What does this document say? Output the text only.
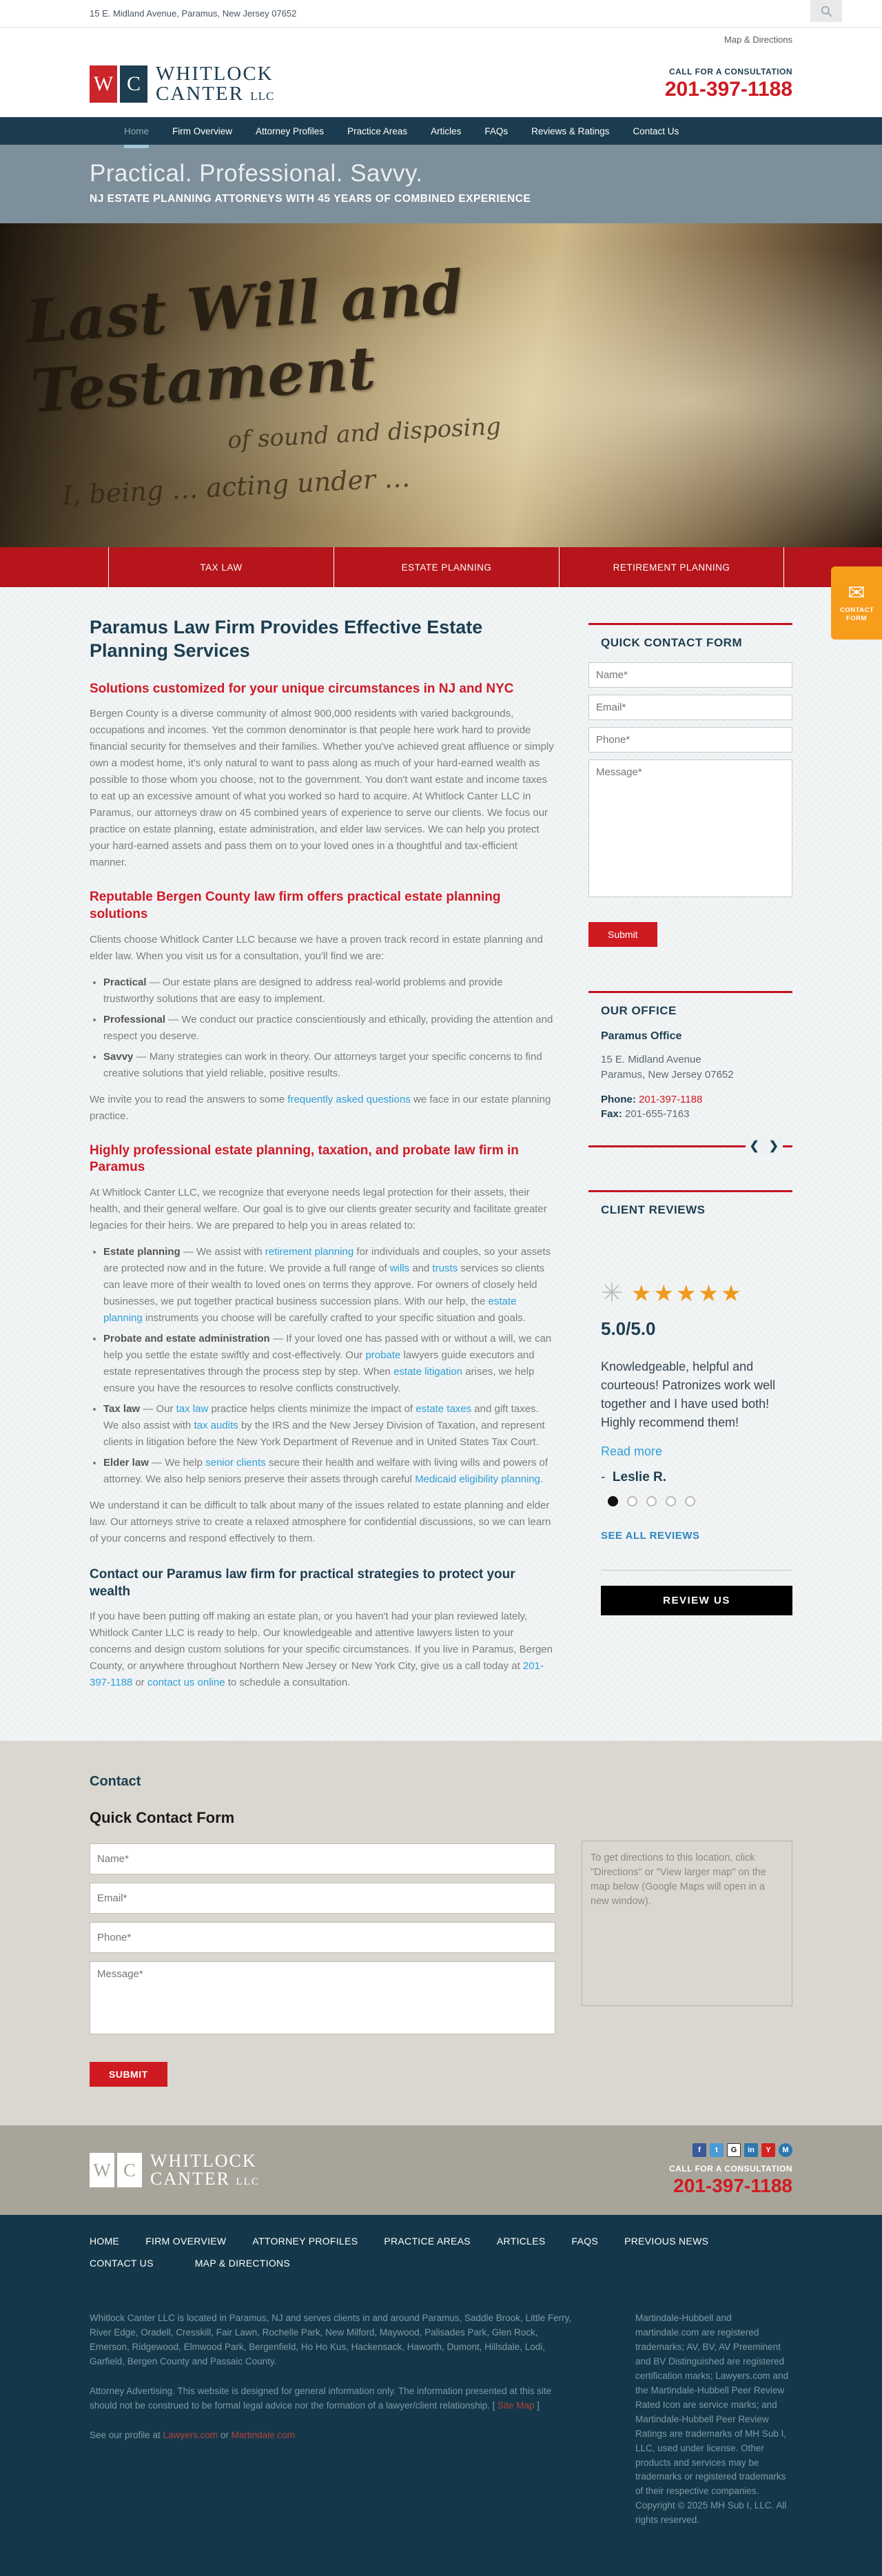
15 E. Midland Avenue, Paramus, New Jersey 07652
Map & Directions
W C WHITLOCK
CANTER LLC
CALL FOR A CONSULTATION
201-397-1188
Home	Firm Overview	Attorney Profiles	Practice Areas	Articles	FAQs	Reviews & Ratings	Contact Us
Practical. Professional. Savvy.
NJ ESTATE PLANNING ATTORNEYS WITH 45 YEARS OF COMBINED EXPERIENCE
Last Will and Testament
of sound and disposing
I, being … acting under …
TAX LAW	ESTATE PLANNING	RETIREMENT PLANNING
✉
CONTACT FORM
Paramus Law Firm Provides Effective Estate Planning Services
Solutions customized for your unique circumstances in NJ and NYC

Bergen County is a diverse community of almost 900,000 residents with varied backgrounds, occupations and incomes. Yet the common denominator is that people here work hard to provide financial security for themselves and their families. Whether you've achieved great affluence or simply own a modest home, it's only natural to want to pass along as much of your hard-earned wealth as possible to those whom you choose, not to the government. You don't want estate and income taxes to eat up an excessive amount of what you worked so hard to acquire. At Whitlock Canter LLC in Paramus, our attorneys draw on 45 combined years of experience to serve our clients. We focus our practice on estate planning, estate administration, and elder law services. We can help you protect your hard-earned assets and pass them on to your loved ones in a thoughtful and tax-efficient manner.

Reputable Bergen County law firm offers practical estate planning solutions

Clients choose Whitlock Canter LLC because we have a proven track record in estate planning and elder law. When you visit us for a consultation, you'll find we are:

• Practical — Our estate plans are designed to address real-world problems and provide trustworthy solutions that are easy to implement.
• Professional — We conduct our practice conscientiously and ethically, providing the attention and respect you deserve.
• Savvy — Many strategies can work in theory. Our attorneys target your specific concerns to find creative solutions that yield reliable, positive results.

We invite you to read the answers to some frequently asked questions we face in our estate planning practice.

Highly professional estate planning, taxation, and probate law firm in Paramus

At Whitlock Canter LLC, we recognize that everyone needs legal protection for their assets, their health, and their general welfare. Our goal is to give our clients greater security and facilitate greater legacies for their heirs. We are prepared to help you in areas related to:

• Estate planning — We assist with retirement planning for individuals and couples, so your assets are protected now and in the future. We provide a full range of wills and trusts services so clients can leave more of their wealth to loved ones on terms they approve. For owners of closely held businesses, we put together practical business succession plans. With our help, the estate planning instruments you choose will be carefully crafted to your specific situation and goals.
• Probate and estate administration — If your loved one has passed with or without a will, we can help you settle the estate swiftly and cost-effectively. Our probate lawyers guide executors and estate representatives through the process step by step. When estate litigation arises, we help ensure you have the resources to resolve conflicts constructively.
• Tax law — Our tax law practice helps clients minimize the impact of estate taxes and gift taxes. We also assist with tax audits by the IRS and the New Jersey Division of Taxation, and represent clients in litigation before the New York Department of Revenue and in United States Tax Court.
• Elder law — We help senior clients secure their health and welfare with living wills and powers of attorney. We also help seniors preserve their assets through careful Medicaid eligibility planning.

We understand it can be difficult to talk about many of the issues related to estate planning and elder law. Our attorneys strive to create a relaxed atmosphere for confidential discussions, so we can learn of your concerns and respond effectively to them.

Contact our Paramus law firm for practical strategies to protect your wealth

If you have been putting off making an estate plan, or you haven't had your plan reviewed lately, Whitlock Canter LLC is ready to help. Our knowledgeable and attentive lawyers listen to your concerns and design custom solutions for your specific circumstances. If you live in Paramus, Bergen County, or anywhere throughout Northern New Jersey or New York City, give us a call today at 201-397-1188 or contact us online to schedule a consultation.

QUICK CONTACT FORM
Name*
Email*
Phone*
Message* Submit
OUR OFFICE
Paramus Office

15 E. Midland Avenue
Paramus, New Jersey 07652

Phone: 201-397-1188
Fax: 201-655-7163

❮ ❯
CLIENT REVIEWS
✳ ★★★★★
5.0/5.0
Knowledgeable, helpful and courteous! Patronizes work well together and I have used both! Highly recommend them!
Read more
- Leslie R.
SEE ALL REVIEWS
REVIEW US
Contact
Quick Contact Form
Name*
Email*
Phone*
Message* SUBMIT

To get directions to this location, click "Directions" or "View larger map" on the map below (Google Maps will open in a new window).

W C WHITLOCK
CANTER LLC
f	t	G	in	Y	M
CALL FOR A CONSULTATION
201-397-1188
HOME	FIRM OVERVIEW	ATTORNEY PROFILES	PRACTICE AREAS	ARTICLES	FAQS	PREVIOUS NEWS
CONTACT US	MAP & DIRECTIONS

Whitlock Canter LLC is located in Paramus, NJ and serves clients in and around Paramus, Saddle Brook, Little Ferry, River Edge, Oradell, Cresskill, Fair Lawn, Rochelle Park, New Milford, Maywood, Palisades Park, Glen Rock, Emerson, Ridgewood, Elmwood Park, Bergenfield, Ho Ho Kus, Hackensack, Haworth, Dumont, Hillsdale, Lodi, Garfield, Bergen County and Passaic County.

Attorney Advertising. This website is designed for general information only. The information presented at this site should not be construed to be formal legal advice nor the formation of a lawyer/client relationship. [ Site Map ]

See our profile at Lawyers.com or Martindale.com

Martindale-Hubbell and martindale.com are registered trademarks; AV, BV, AV Preeminent and BV Distinguished are registered certification marks; Lawyers.com and the Martindale-Hubbell Peer Review Rated Icon are service marks; and Martindale-Hubbell Peer Review Ratings are trademarks of MH Sub I, LLC, used under license. Other products and services may be trademarks or registered trademarks of their respective companies. Copyright © 2025 MH Sub I, LLC. All rights reserved.
